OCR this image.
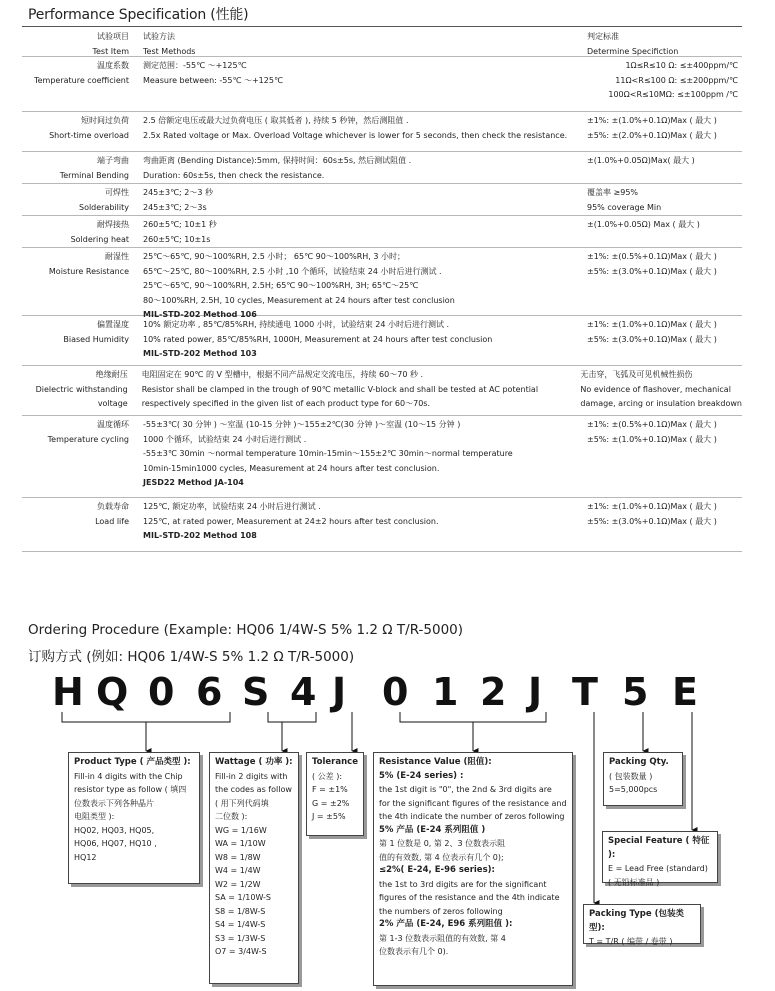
Performance Specification (性能)
试验项目
Test Item
试验方法
Test Methods
判定标准
Determine Specifiction
温度系数
Temperature coefficient
测定范围：-55℃ ～+125℃
Measure between: -55℃ ～+125℃
1Ω≤R≤10 Ω: ≤±400ppm/℃
11Ω<R≤100 Ω: ≤±200ppm/℃
100Ω<R≤10MΩ: ≤±100ppm /℃
短时间过负荷
Short-time overload
2.5 倍额定电压或最大过负荷电压 ( 取其低者 ), 持续 5 秒钟，然后测阻值 .
2.5x Rated voltage or Max. Overload Voltage whichever is lower for 5 seconds, then check the resistance.
±1%: ±(1.0%+0.1Ω)Max ( 最大 )
±5%: ±(2.0%+0.1Ω)Max ( 最大 )
端子弯曲
Terminal Bending
弯曲距离 (Bending Distance):5mm, 保持时间：60s±5s, 然后测试阻值 .
Duration: 60s±5s, then check the resistance.
±(1.0%+0.05Ω)Max( 最大 )
可焊性
Solderability
245±3℃; 2～3 秒
245±3℃; 2～3s
覆盖率 ≥95%
95% coverage Min
耐焊接热
Soldering heat
260±5℃; 10±1 秒
260±5℃; 10±1s
±(1.0%+0.05Ω) Max ( 最大 )
耐湿性
Moisture Resistance
25℃～65℃, 90～100%RH, 2.5 小时； 65℃ 90～100%RH, 3 小时；
65℃～25℃, 80～100%RH, 2.5 小时 ,10 个循环，试验结束 24 小时后进行测试 .
25℃～65℃, 90～100%RH, 2.5H; 65℃ 90～100%RH, 3H; 65℃～25℃
80～100%RH, 2.5H, 10 cycles, Measurement at 24 hours after test conclusion
MIL-STD-202 Method 106
±1%: ±(0.5%+0.1Ω)Max ( 最大 )
±5%: ±(3.0%+0.1Ω)Max ( 最大 )
偏置湿度
Biased Humidity
10% 额定功率 , 85℃/85%RH, 持续通电 1000 小时，试验结束 24 小时后进行测试 .
10% rated power, 85℃/85%RH, 1000H, Measurement at 24 hours after test conclusion
MIL-STD-202 Method 103
±1%: ±(1.0%+0.1Ω)Max ( 最大 )
±5%: ±(3.0%+0.1Ω)Max ( 最大 )
绝缘耐压
Dielectric withstanding
voltage
电阻固定在 90℃ 的 V 型槽中，根据不同产品规定交流电压，持续 60～70 秒 .
Resistor shall be clamped in the trough of 90℃ metallic V-block and shall be tested at AC potential
respectively specified in the given list of each product type for 60～70s.
无击穿，飞弧及可见机械性损伤
No evidence of flashover, mechanical
damage, arcing or insulation breakdown
温度循环
Temperature cycling
-55±3℃( 30 分钟 ) ～室温 (10-15 分钟 )～155±2℃(30 分钟 )～室温 (10～15 分钟 )
1000 个循环，试验结束 24 小时后进行测试 .
-55±3℃ 30min ～normal temperature 10min-15min～155±2℃ 30min～normal temperature
10min-15min1000 cycles, Measurement at 24 hours after test conclusion.
JESD22 Method JA-104
±1%: ±(0.5%+0.1Ω)Max ( 最大 )
±5%: ±(1.0%+0.1Ω)Max ( 最大 )
负载寿命
Load life
125℃, 额定功率，试验结束 24 小时后进行测试 .
125℃, at rated power, Measurement at 24±2 hours after test conclusion.
MIL-STD-202 Method 108
±1%: ±(1.0%+0.1Ω)Max ( 最大 )
±5%: ±(3.0%+0.1Ω)Max ( 最大 )
Ordering Procedure (Example: HQ06 1/4W-S 5% 1.2 Ω T/R-5000)
订购方式 (例如: HQ06 1/4W-S 5% 1.2 Ω T/R-5000)
H Q 0 6 S 4 J 0 1 2 J T 5 E
Product Type ( 产品类型 ):
Fill-in 4 digits with the Chip
resistor type as follow ( 填四
位数表示下列各种晶片
电阻类型 ):
HQ02, HQ03, HQ05,
HQ06, HQ07, HQ10 ,
HQ12
Wattage ( 功率 ):
Fill-in 2 digits with
the codes as follow
( 用下列代码填
二位数 ):
WG = 1/16W
WA = 1/10W
W8 = 1/8W
W4 = 1/4W
W2 = 1/2W
SA = 1/10W-S
S8 = 1/8W-S
S4 = 1/4W-S
S3 = 1/3W-S
O7 = 3/4W-S
Tolerance
( 公差 ):
F = ±1%
G = ±2%
J = ±5%
Resistance Value (阻值):
5% (E-24 series) :
the 1st digit is "0", the 2nd & 3rd digits are
for the significant figures of the resistance and
the 4th indicate the number of zeros following
5% 产品 (E-24 系列阻值 )
第 1 位数是 0, 第 2、3 位数表示阻
值的有效数, 第 4 位表示有几个 0);
≤2%( E-24, E-96 series):
the 1st to 3rd digits are for the significant
figures of the resistance and the 4th indicate
the numbers of zeros following
2% 产品 (E-24, E96 系列阻值 ):
第 1-3 位数表示阻值的有效数, 第 4
位数表示有几个 0).
Packing Qty.
( 包装数量 )
5=5,000pcs
Special Feature ( 特征 ):
E = Lead Free (standard)
( 无铅标准品 )
Packing Type (包装类型):
T = T/R ( 编带 / 卷带 )
